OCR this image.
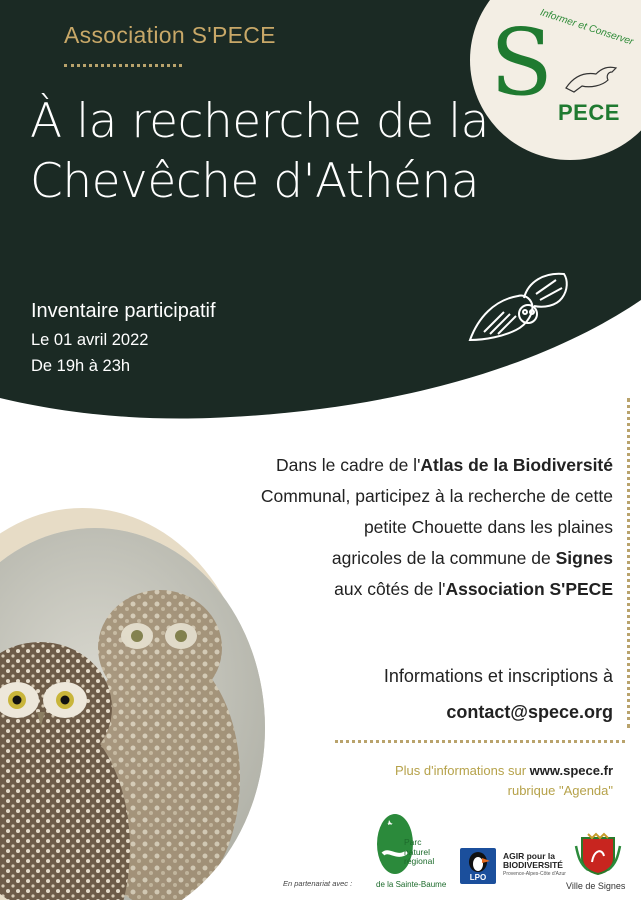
Association S'PECE
À la recherche de la
Chevêche d'Athéna
Inventaire participatif
Le 01 avril 2022
De 19h à 23h
S
Informer et Conserver
PECE
Dans le cadre de l'Atlas de la Biodiversité
Communal, participez à la recherche de cette
petite Chouette dans les plaines
agricoles de la commune de Signes
aux côtés de l'Association S'PECE
Informations et inscriptions à
contact@spece.org
Plus d'informations sur www.spece.fr
rubrique "Agenda"
En partenariat avec :
Parc
naturel
régional
de la Sainte-Baume
LPO
AGIR pour la
BIODIVERSITÉ
Provence-Alpes-Côte d'Azur
Ville de Signes
